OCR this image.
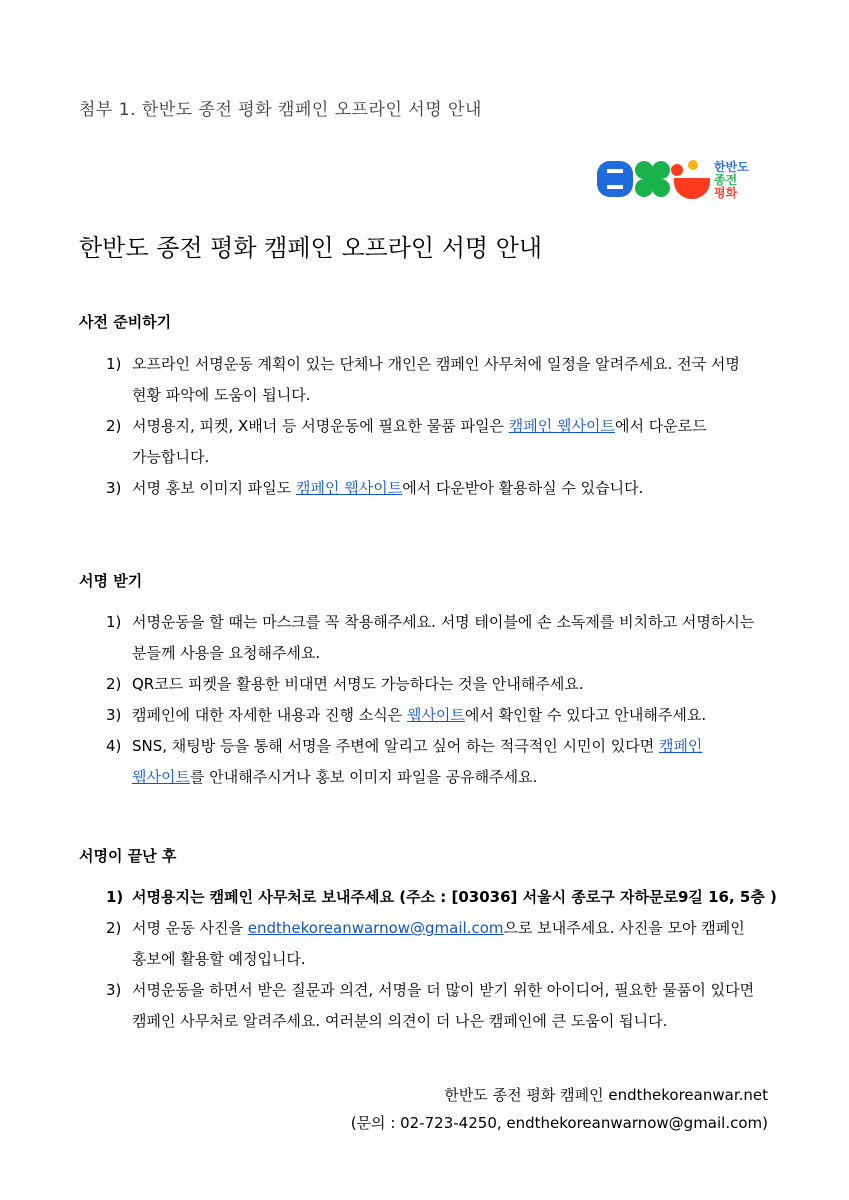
첨부 1. 한반도 종전 평화 캠페인 오프라인 서명 안내
한반도
종전
평화
한반도 종전 평화 캠페인 오프라인 서명 안내
사전 준비하기
1) 오프라인 서명운동 계획이 있는 단체나 개인은 캠페인 사무처에 일정을 알려주세요. 전국 서명
현황 파악에 도움이 됩니다.
2) 서명용지, 피켓, X배너 등 서명운동에 필요한 물품 파일은 캠페인 웹사이트에서 다운로드
가능합니다.
3) 서명 홍보 이미지 파일도 캠페인 웹사이트에서 다운받아 활용하실 수 있습니다.
서명 받기
1) 서명운동을 할 때는 마스크를 꼭 착용해주세요. 서명 테이블에 손 소독제를 비치하고 서명하시는
분들께 사용을 요청해주세요.
2) QR코드 피켓을 활용한 비대면 서명도 가능하다는 것을 안내해주세요.
3) 캠페인에 대한 자세한 내용과 진행 소식은 웹사이트에서 확인할 수 있다고 안내해주세요.
4) SNS, 채팅방 등을 통해 서명을 주변에 알리고 싶어 하는 적극적인 시민이 있다면 캠페인
웹사이트를 안내해주시거나 홍보 이미지 파일을 공유해주세요.
서명이 끝난 후
1) 서명용지는 캠페인 사무처로 보내주세요 (주소 : [03036] 서울시 종로구 자하문로9길 16, 5층 )
2) 서명 운동 사진을 endthekoreanwarnow@gmail.com으로 보내주세요. 사진을 모아 캠페인
홍보에 활용할 예정입니다.
3) 서명운동을 하면서 받은 질문과 의견, 서명을 더 많이 받기 위한 아이디어, 필요한 물품이 있다면
캠페인 사무처로 알려주세요. 여러분의 의견이 더 나은 캠페인에 큰 도움이 됩니다.
한반도 종전 평화 캠페인 endthekoreanwar.net
(문의 : 02-723-4250, endthekoreanwarnow@gmail.com)
